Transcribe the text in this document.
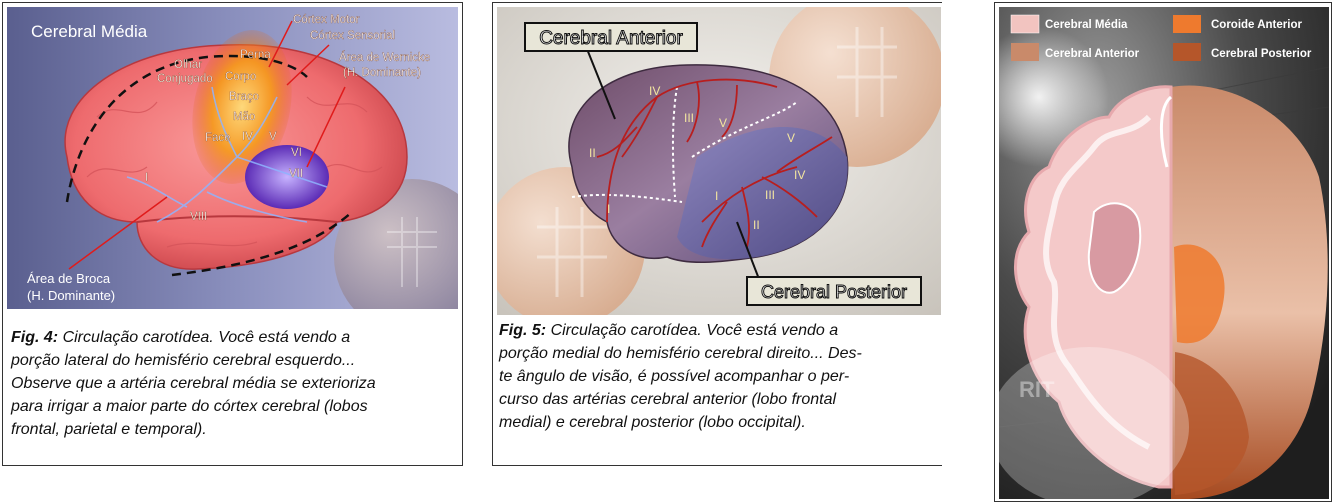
Cerebral Média
Córtex Motor
Córtex Sensorial
Área de Wernicke
(H. Dominante)
Perna
Olhar
Conjugado Corpo
Braço
Mão
Face IV V
VI
VII
I
VIII
Área de Broca
(H. Dominante)
Fig. 4: Circulação carotídea. Você está vendo a
porção lateral do hemisfério cerebral esquerdo...
Observe que a artéria cerebral média se exterioriza
para irrigar a maior parte do córtex cerebral (lobos
frontal, parietal e temporal).
II
IV
III V
I
V
IV
III
I
II
Cerebral Anterior
Cerebral Posterior
Fig. 5: Circulação carotídea. Você está vendo a
porção medial do hemisfério cerebral direito... Des-
te ângulo de visão, é possível acompanhar o per-
curso das artérias cerebral anterior (lobo frontal
medial) e cerebral posterior (lobo occipital).
Cerebral Média	Coroide Anterior
Cerebral Anterior	Cerebral Posterior
RIT
